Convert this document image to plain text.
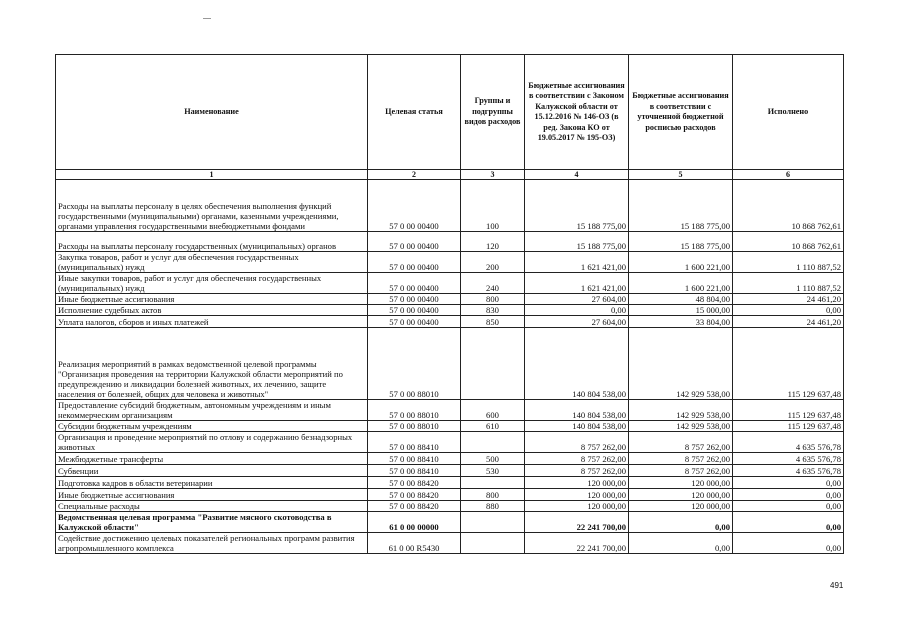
Наименование	Целевая статья	Группы и подгруппы видов расходов	Бюджетные ассигнования в соответствии с Законом Калужской области от 15.12.2016 № 146-ОЗ (в ред. Закона КО от 19.05.2017 № 195-ОЗ)	Бюджетные ассигнования в соответствии с уточненной бюджетной росписью расходов	Исполнено
1	2	3	4	5	6
Расходы на выплаты персоналу в целях обеспечения выполнения функций государственными (муниципальными) органами, казенными учреждениями, органами управления государственными внебюджетными фондами	57 0 00 00400	100	15 188 775,00	15 188 775,00	10 868 762,61
Расходы на выплаты персоналу государственных (муниципальных) органов	57 0 00 00400	120	15 188 775,00	15 188 775,00	10 868 762,61
Закупка товаров, работ и услуг для обеспечения государственных (муниципальных) нужд	57 0 00 00400	200	1 621 421,00	1 600 221,00	1 110 887,52
Иные закупки товаров, работ и услуг для обеспечения государственных (муниципальных) нужд	57 0 00 00400	240	1 621 421,00	1 600 221,00	1 110 887,52
Иные бюджетные ассигнования	57 0 00 00400	800	27 604,00	48 804,00	24 461,20
Исполнение судебных актов	57 0 00 00400	830	0,00	15 000,00	0,00
Уплата налогов, сборов и иных платежей	57 0 00 00400	850	27 604,00	33 804,00	24 461,20
Реализация мероприятий в рамках ведомственной целевой программы "Организация проведения на территории Калужской области мероприятий по предупреждению и ликвидации болезней животных, их лечению, защите населения от болезней, общих для человека и животных"	57 0 00 88010		140 804 538,00	142 929 538,00	115 129 637,48
Предоставление субсидий бюджетным, автономным учреждениям и иным некоммерческим организациям	57 0 00 88010	600	140 804 538,00	142 929 538,00	115 129 637,48
Субсидии бюджетным учреждениям	57 0 00 88010	610	140 804 538,00	142 929 538,00	115 129 637,48
Организация и проведение мероприятий по отлову и содержанию безнадзорных животных	57 0 00 88410		8 757 262,00	8 757 262,00	4 635 576,78
Межбюджетные трансферты	57 0 00 88410	500	8 757 262,00	8 757 262,00	4 635 576,78
Субвенции	57 0 00 88410	530	8 757 262,00	8 757 262,00	4 635 576,78
Подготовка кадров в области ветеринарии	57 0 00 88420		120 000,00	120 000,00	0,00
Иные бюджетные ассигнования	57 0 00 88420	800	120 000,00	120 000,00	0,00
Специальные расходы	57 0 00 88420	880	120 000,00	120 000,00	0,00
Ведомственная целевая программа "Развитие мясного скотоводства в Калужской области"	61 0 00 00000		22 241 700,00	0,00	0,00
Содействие достижению целевых показателей региональных программ развития агропромышленного комплекса	61 0 00 R5430		22 241 700,00	0,00	0,00
491
